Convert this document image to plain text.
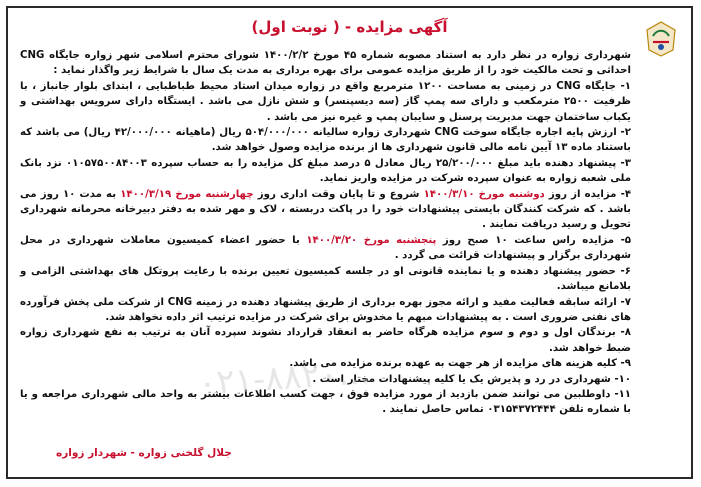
آگهی مزایده - ( نوبت اول)

شهرداری زواره در نظر دارد به استناد مصوبه شماره ۴۵ مورخ ۱۴۰۰/۲/۲ شورای محترم اسلامی شهر زواره جایگاه CNG احداثی و تحت مالکیت خود را از طریق مزایده عمومی برای بهره برداری به مدت یک سال با شرایط زیر واگذار نماید :

۱- جایگاه CNG در زمینی به مساحت ۱۲۰۰ مترمربع واقع در زواره میدان استاد محیط طباطبایی ، ابتدای بلوار جانباز ، با ظرفیت ۲۵۰۰ مترمکعب و دارای سه پمپ گاز (سه دیسپنسر) و شش نازل می باشد . ایستگاه دارای سرویس بهداشتی و یکباب ساختمان جهت مدیریت پرسنل و سایبان پمپ و غیره نیز می باشد .

۲- ارزش پایه اجاره جایگاه سوخت CNG شهرداری زواره سالیانه ۵۰۴/۰۰۰/۰۰۰ ریال (ماهیانه ۴۲/۰۰۰/۰۰۰ ریال) می باشد که باستناد ماده ۱۳ آیین نامه مالی قانون شهرداری ها از برنده مزایده وصول خواهد شد.

۳- پیشنهاد دهنده باید مبلغ ۲۵/۲۰۰/۰۰۰ ریال معادل ۵ درصد مبلغ کل مزایده را به حساب سپرده ۰۱۰۵۷۵۰۰۸۴۰۰۳ نزد بانک ملی شعبه زواره به عنوان سپرده شرکت در مزایده واریز نماید.

۴- مزایده از روز دوشنبه مورخ ۱۴۰۰/۳/۱۰ شروع و تا پایان وقت اداری روز چهارشنبه مورخ ۱۴۰۰/۳/۱۹ به مدت ۱۰ روز می باشد . که شرکت کنندگان بایستی پیشنهادات خود را در پاکت دربسته ، لاک و مهر شده به دفتر دبیرخانه محرمانه شهرداری تحویل و رسید دریافت نمایند .

۵- مزایده راس ساعت ۱۰ صبح روز پنجشنبه مورخ ۱۴۰۰/۳/۲۰ با حضور اعضاء کمیسیون معاملات شهرداری در محل شهرداری برگزار و پیشنهادات قرائت می گردد .

۶- حضور پیشنهاد دهنده و یا نماینده قانونی او در جلسه کمیسیون تعیین برنده با رعایت پروتکل های بهداشتی الزامی و بلامانع میباشد.

۷- ارائه سابقه فعالیت مفید و ارائه مجوز بهره برداری از طریق پیشنهاد دهنده در زمینه CNG از شرکت ملی پخش فرآورده های نفتی ضروری است . به پیشنهادات مبهم یا مخدوش برای شرکت در مزایده ترتیب اثر داده نخواهد شد.

۸- برندگان اول و دوم و سوم مزایده هرگاه حاضر به انعقاد قرارداد نشوند سپرده آنان به ترتیب به نفع شهرداری زواره ضبط خواهد شد.

۹- کلیه هزینه های مزایده از هر جهت به عهده برنده مزایده می باشد.

۱۰- شهرداری در رد و پذیرش یک یا کلیه پیشنهادات مختار است .

۱۱- داوطلبین می توانند ضمن بازدید از مورد مزایده فوق ، جهت کسب اطلاعات بیشتر به واحد مالی شهرداری مراجعه و یا با شماره تلفن ۰۳۱۵۴۳۷۲۴۴۴ تماس حاصل نمایند .

۰۲۱-۸۸۲۰...
جلال گلخنی زواره - شهردار زواره
